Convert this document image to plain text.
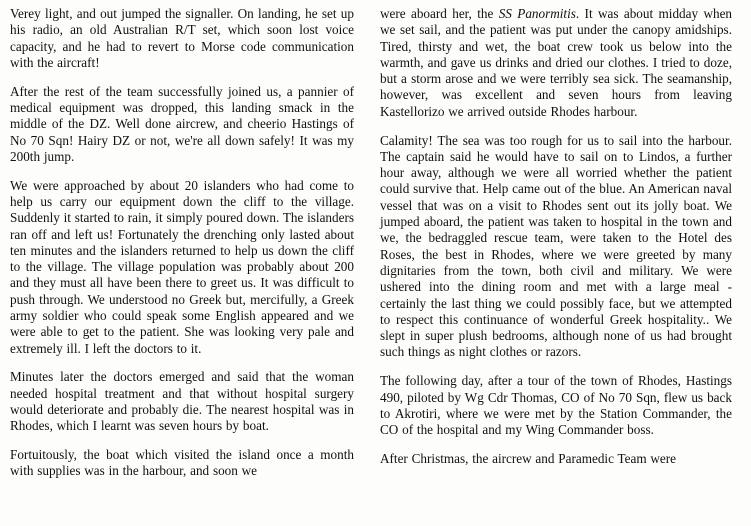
Verey light, and out jumped the signaller. On landing, he set up his radio, an old Australian R/T set, which soon lost voice capacity, and he had to revert to Morse code communication with the aircraft!

After the rest of the team successfully joined us, a pannier of medical equipment was dropped, this landing smack in the middle of the DZ. Well done aircrew, and cheerio Hastings of No 70 Sqn! Hairy DZ or not, we're all down safely! It was my 200th jump.

We were approached by about 20 islanders who had come to help us carry our equipment down the cliff to the village. Suddenly it started to rain, it simply poured down. The islanders ran off and left us! Fortunately the drenching only lasted about ten minutes and the islanders returned to help us down the cliff to the village. The village population was probably about 200 and they must all have been there to greet us. It was difficult to push through. We understood no Greek but, mercifully, a Greek army soldier who could speak some English appeared and we were able to get to the patient. She was looking very pale and extremely ill. I left the doctors to it.

Minutes later the doctors emerged and said that the woman needed hospital treatment and that without hospital surgery would deteriorate and probably die. The nearest hospital was in Rhodes, which I learnt was seven hours by boat.

Fortuitously, the boat which visited the island once a month with supplies was in the harbour, and soon we

were aboard her, the SS Panormitis. It was about midday when we set sail, and the patient was put under the canopy amidships. Tired, thirsty and wet, the boat crew took us below into the warmth, and gave us drinks and dried our clothes. I tried to doze, but a storm arose and we were terribly sea sick. The seamanship, however, was excellent and seven hours from leaving Kastellorizo we arrived outside Rhodes harbour.

Calamity! The sea was too rough for us to sail into the harbour. The captain said he would have to sail on to Lindos, a further hour away, although we were all worried whether the patient could survive that. Help came out of the blue. An American naval vessel that was on a visit to Rhodes sent out its jolly boat. We jumped aboard, the patient was taken to hospital in the town and we, the bedraggled rescue team, were taken to the Hotel des Roses, the best in Rhodes, where we were greeted by many dignitaries from the town, both civil and military. We were ushered into the dining room and met with a large meal - certainly the last thing we could possibly face, but we attempted to respect this continuance of wonderful Greek hospitality.. We slept in super plush bedrooms, although none of us had brought such things as night clothes or razors.

The following day, after a tour of the town of Rhodes, Hastings 490, piloted by Wg Cdr Thomas, CO of No 70 Sqn, flew us back to Akrotiri, where we were met by the Station Commander, the CO of the hospital and my Wing Commander boss.

After Christmas, the aircrew and Paramedic Team were
